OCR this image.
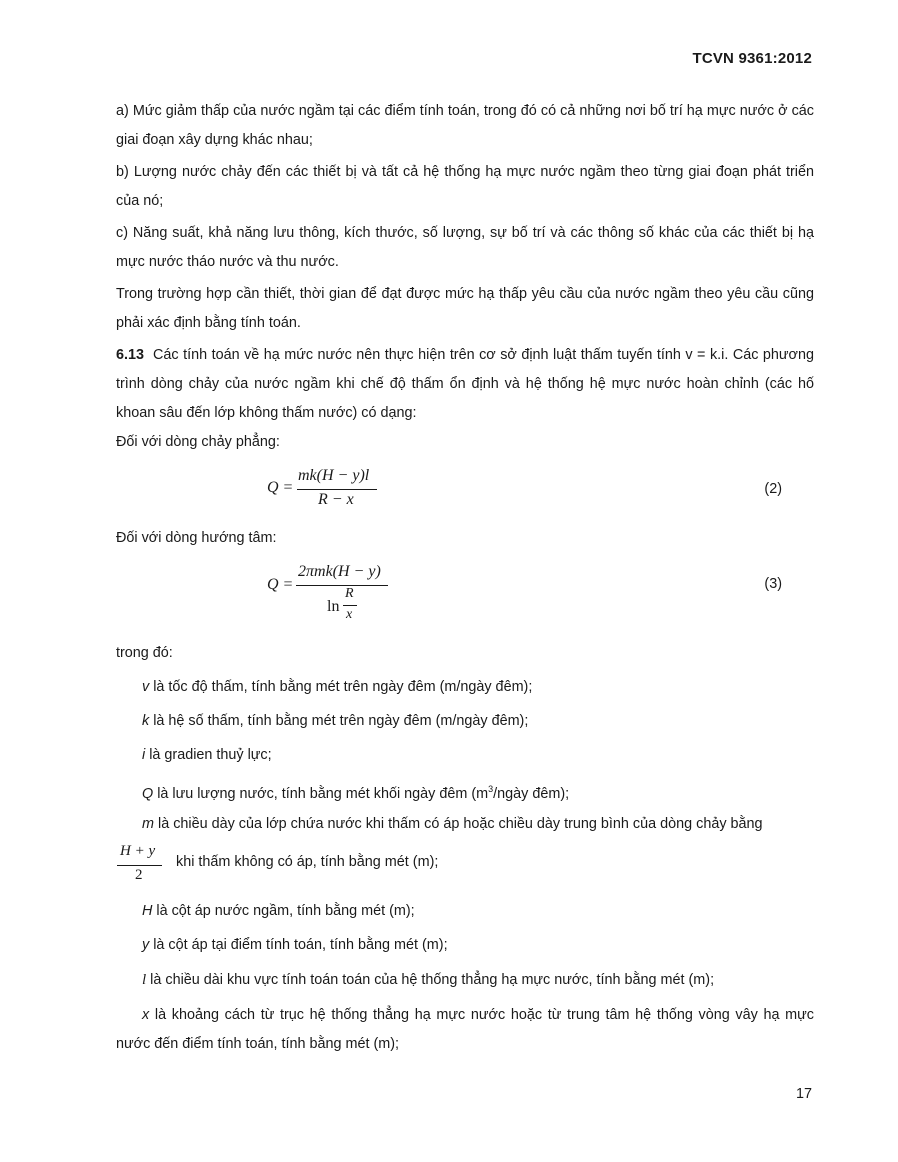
TCVN 9361:2012

a) Mức giảm thấp của nước ngầm tại các điểm tính toán, trong đó có cả những nơi bố trí hạ mực nước ở các giai đoạn xây dựng khác nhau;

b) Lượng nước chảy đến các thiết bị và tất cả hệ thống hạ mực nước ngầm theo từng giai đoạn phát triển của nó;

c) Năng suất, khả năng lưu thông, kích thước, số lượng, sự bố trí và các thông số khác của các thiết bị hạ mực nước tháo nước và thu nước.

Trong trường hợp cần thiết, thời gian để đạt được mức hạ thấp yêu cầu của nước ngầm theo yêu cầu cũng phải xác định bằng tính toán.

6.13 Các tính toán về hạ mức nước nên thực hiện trên cơ sở định luật thấm tuyến tính v = k.i. Các phương trình dòng chảy của nước ngầm khi chế độ thấm ổn định và hệ thống hệ mực nước hoàn chỉnh (các hố khoan sâu đến lớp không thấm nước) có dạng:

Đối với dòng chảy phẳng:

Q =
mk(H − y)l
R − x
(2)

Đối với dòng hướng tâm:

Q =
2πmk(H − y)
ln
R
x
(3)

trong đó:

v là tốc độ thấm, tính bằng mét trên ngày đêm (m/ngày đêm);

k là hệ số thấm, tính bằng mét trên ngày đêm (m/ngày đêm);

i là gradien thuỷ lực;

Q là lưu lượng nước, tính bằng mét khối ngày đêm ($m^3$/ngày đêm);

m là chiều dày của lớp chứa nước khi thấm có áp hoặc chiều dày trung bình của dòng chảy bằng

H + y
2

khi thấm không có áp, tính bằng mét (m);

H là cột áp nước ngầm, tính bằng mét (m);

y là cột áp tại điểm tính toán, tính bằng mét (m);

l là chiều dài khu vực tính toán toán của hệ thống thẳng hạ mực nước, tính bằng mét (m);

x là khoảng cách từ trục hệ thống thẳng hạ mực nước hoặc từ trung tâm hệ thống vòng vây hạ mực nước đến điểm tính toán, tính bằng mét (m);

17
